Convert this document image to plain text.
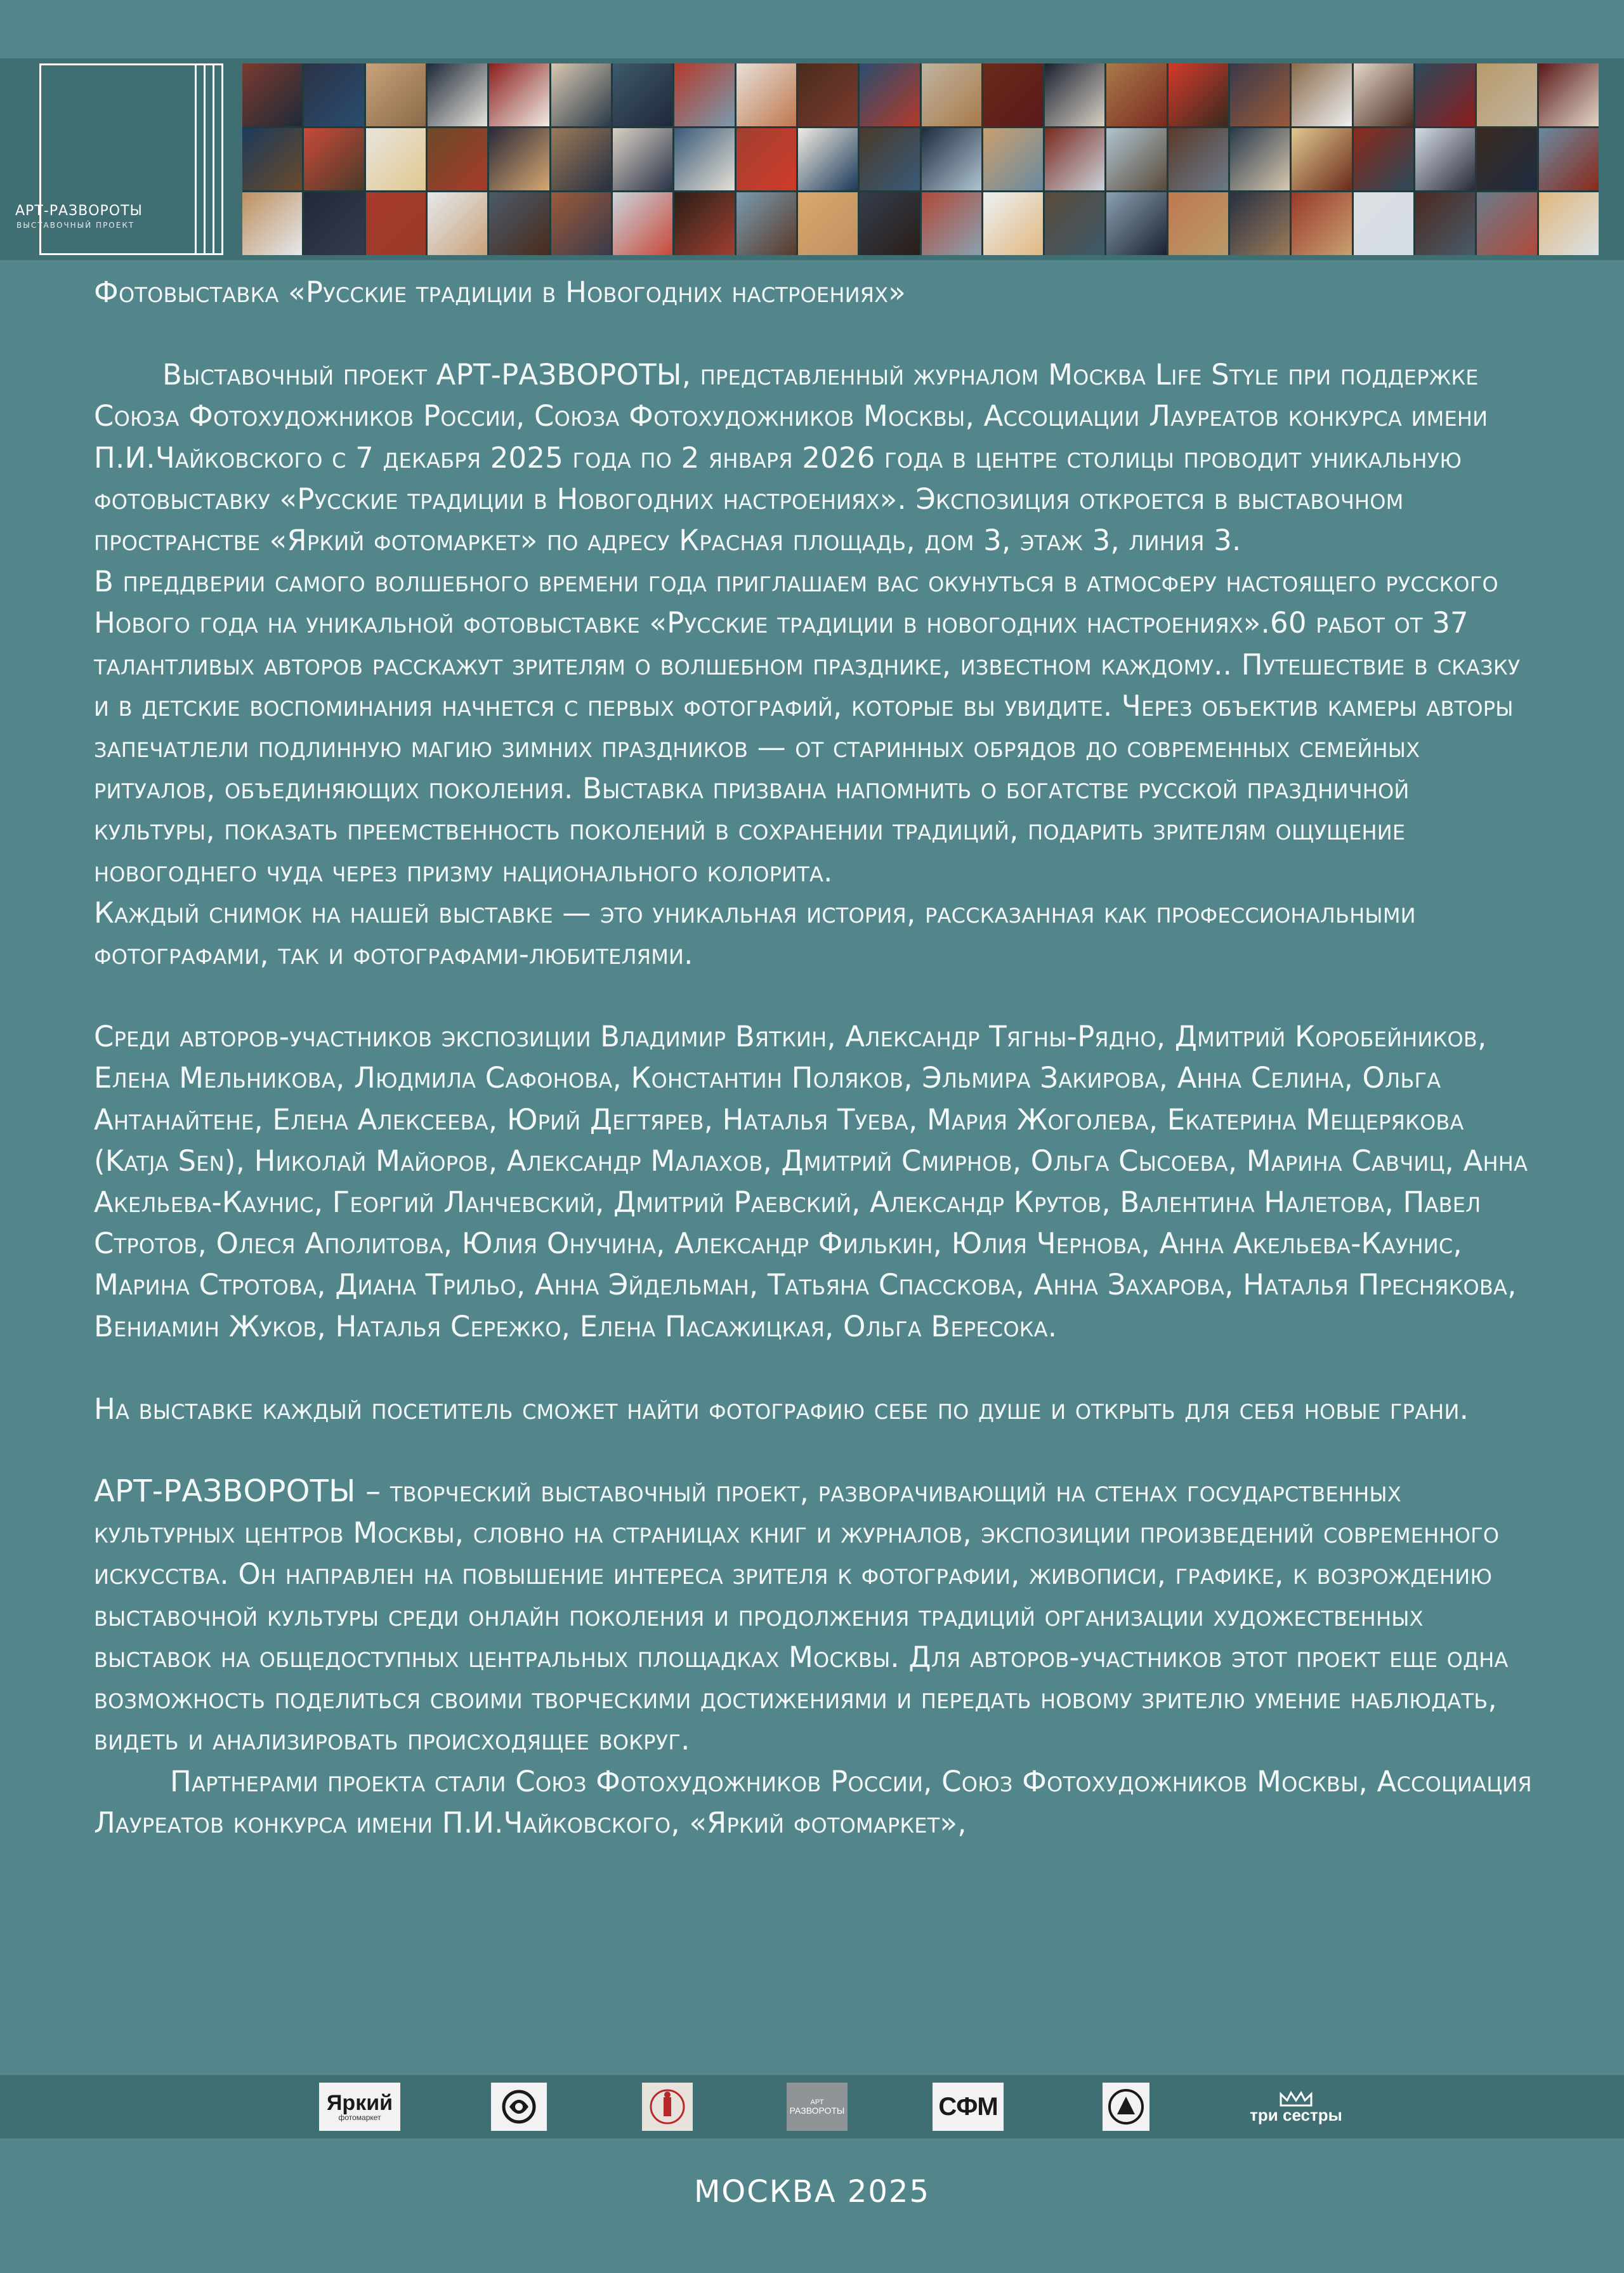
АРТ-РАЗВОРОТЫ
ВЫСТАВОЧНЫЙ ПРОЕКТ

Фотовыставка «Русские традиции в Новогодних настроениях»

Выставочный проект АРТ-РАЗВОРОТЫ, представленный журналом Москва Life Style при поддержке Союза Фотохудожников России, Союза Фотохудожников Москвы, Ассоциации Лауреатов конкурса имени П.И.Чайковского с 7 декабря 2025 года по 2 января 2026 года в центре столицы проводит уникальную фотовыставку «Русские традиции в Новогодних настроениях». Экспозиция откроется в выставочном пространстве «Яркий фотомаркет» по адресу Красная площадь, дом 3, этаж 3, линия 3.

В преддверии самого волшебного времени года приглашаем вас окунуться в атмосферу настоящего русского Нового года на уникальной фотовыставке «Русские традиции в новогодних настроениях».60 работ от 37 талантливых авторов расскажут зрителям о волшебном празднике, известном каждому.. Путешествие в сказку и в детские воспоминания начнется с первых фотографий, которые вы увидите. Через объектив камеры авторы запечатлели подлинную магию зимних праздников — от старинных обрядов до современных семейных ритуалов, объединяющих поколения. Выставка призвана напомнить о богатстве русской праздничной культуры, показать преемственность поколений в сохранении традиций, подарить зрителям ощущение новогоднего чуда через призму национального колорита.

Каждый снимок на нашей выставке — это уникальная история, рассказанная как профессиональными фотографами, так и фотографами-любителями.

Среди авторов-участников экспозиции Владимир Вяткин, Александр Тягны-Рядно, Дмитрий Коробейников, Елена Мельникова, Людмила Сафонова, Константин Поляков, Эльмира Закирова, Анна Селина, Ольга Антанайтене, Елена Алексеева, Юрий Дегтярев, Наталья Туева, Мария Жоголева, Екатерина Мещерякова (Katja Sen), Николай Майоров, Александр Малахов, Дмитрий Смирнов, Ольга Сысоева, Марина Савчиц, Анна Акельева-Каунис, Георгий Ланчевский, Дмитрий Раевский, Александр Крутов, Валентина Налетова, Павел Стротов, Олеся Аполитова, Юлия Онучина, Александр Филькин, Юлия Чернова, Анна Акельева-Каунис, Марина Стротова, Диана Трильо, Анна Эйдельман, Татьяна Спасскова, Анна Захарова, Наталья Преснякова, Вениамин Жуков, Наталья Сережко, Елена Пасажицкая, Ольга Вересока.

На выставке каждый посетитель сможет найти фотографию себе по душе и открыть для себя новые грани.

АРТ-РАЗВОРОТЫ – творческий выставочный проект, разворачивающий на стенах государственных культурных центров Москвы, словно на страницах книг и журналов, экспозиции произведений современного искусства. Он направлен на повышение интереса зрителя к фотографии, живописи, графике, к возрождению выставочной культуры среди онлайн поколения и продолжения традиций организации художественных выставок на общедоступных центральных площадках Москвы. Для авторов-участников этот проект еще одна возможность поделиться своими творческими достижениями и передать новому зрителю умение наблюдать, видеть и анализировать происходящее вокруг.

Партнерами проекта стали Союз Фотохудожников России, Союз Фотохудожников Москвы, Ассоциация Лауреатов конкурса имени П.И.Чайковского, «Яркий фотомаркет»,

Яркий
фотомаркет
АРТ
РАЗВОРОТЫ	СФМ	три сестры
МОСКВА 2025
